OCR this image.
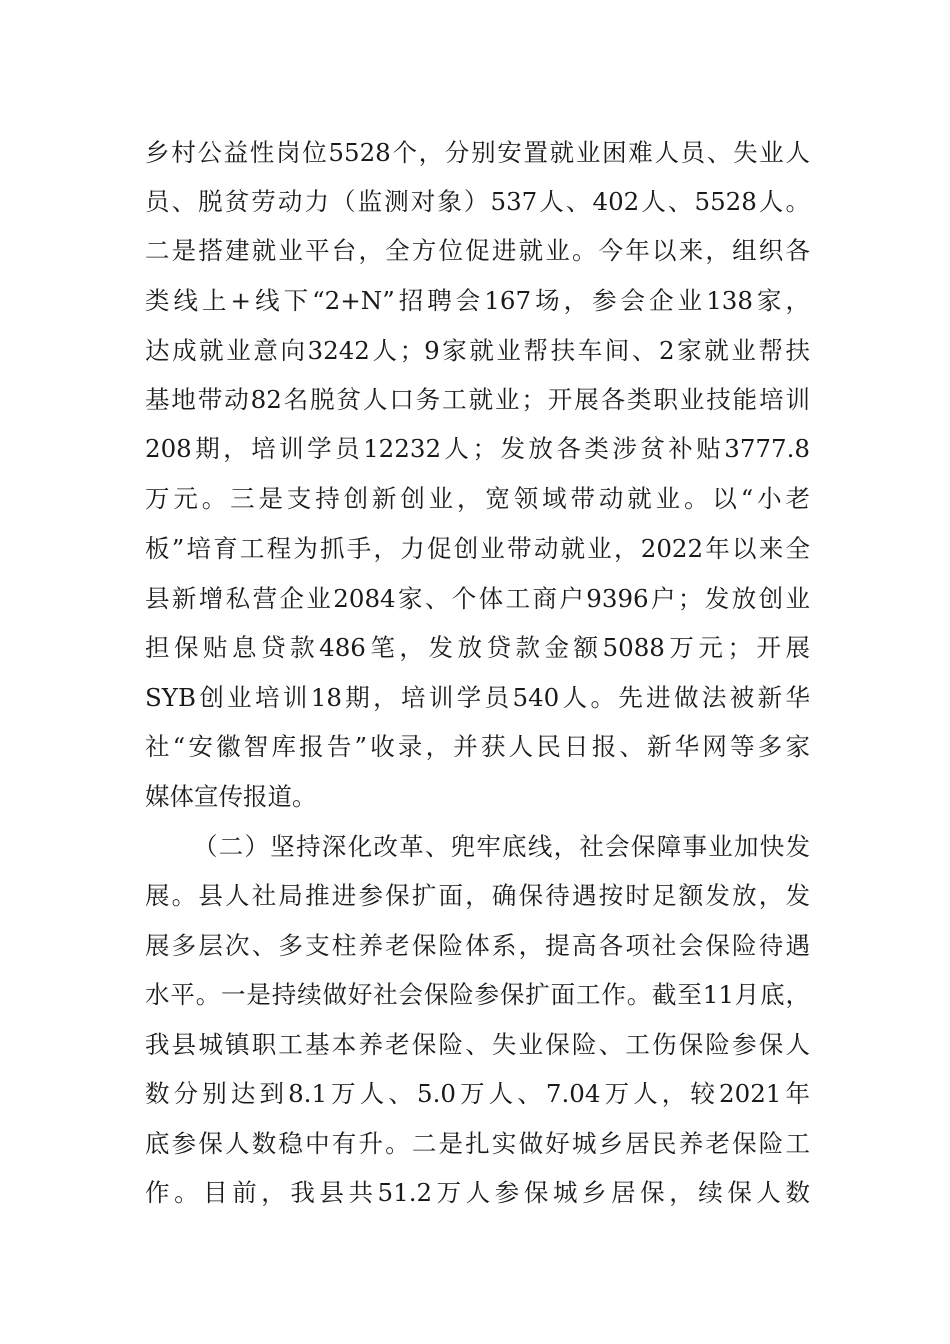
乡村公益性岗位5528个，分别安置就业困难人员、失业人
员、脱贫劳动力（监测对象）537人、402人、5528人。
二是搭建就业平台，全方位促进就业。今年以来，组织各
类线上+线下“2+N”招聘会167场，参会企业138家，
达成就业意向3242人；9家就业帮扶车间、2家就业帮扶
基地带动82名脱贫人口务工就业；开展各类职业技能培训
208期，培训学员12232人；发放各类涉贫补贴3777.8
万元。三是支持创新创业，宽领域带动就业。以“小老
板”培育工程为抓手，力促创业带动就业，2022年以来全
县新增私营企业2084家、个体工商户9396户；发放创业
担保贴息贷款486笔，发放贷款金额5088万元；开展
SYB创业培训18期，培训学员540人。先进做法被新华
社“安徽智库报告”收录，并获人民日报、新华网等多家
媒体宣传报道。
（二）坚持深化改革、兜牢底线，社会保障事业加快发
展。县人社局推进参保扩面，确保待遇按时足额发放，发
展多层次、多支柱养老保险体系，提高各项社会保险待遇
水平。一是持续做好社会保险参保扩面工作。截至11月底，
我县城镇职工基本养老保险、失业保险、工伤保险参保人
数分别达到8.1万人、5.0万人、7.04万人，较2021年
底参保人数稳中有升。二是扎实做好城乡居民养老保险工
作。目前，我县共51.2万人参保城乡居保，续保人数
